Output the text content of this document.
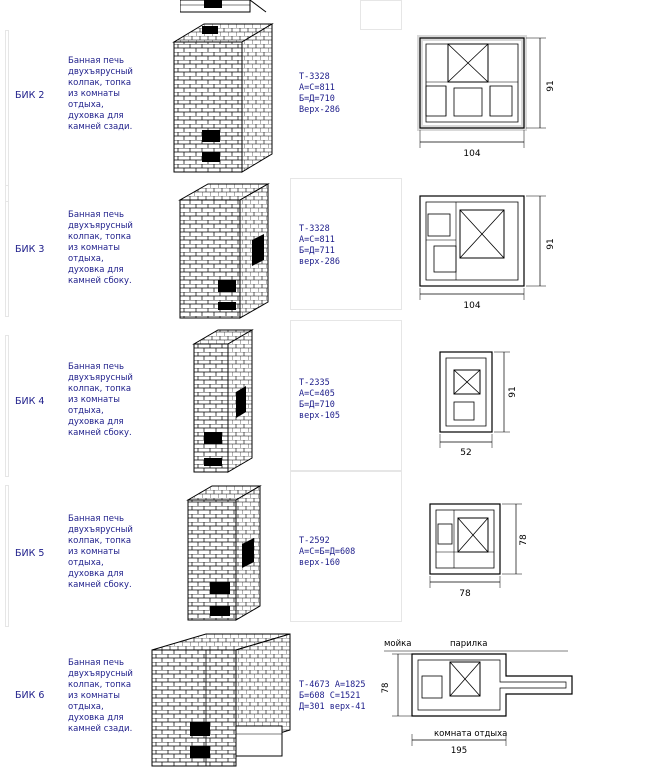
БИК 2
Банная печь
двухъярусный
колпак, топка
из комнаты
отдыха,
духовка для
камней сзади.
Т-3328
А=С=811
Б=Д=710
Верх-286
104
91
БИК 3
Банная печь
двухъярусный
колпак, топка
из комнаты
отдыха,
духовка для
камней сбоку.
Т-3328
А=С=811
Б=Д=711
верх-286
104
91
БИК 4
Банная печь
двухъярусный
колпак, топка
из комнаты
отдыха,
духовка для
камней сбоку.
Т-2335
А=С=405
Б=Д=710
верх-105
52
91
БИК 5
Банная печь
двухъярусный
колпак, топка
из комнаты
отдыха,
духовка для
камней сбоку.
Т-2592
А=С=Б=Д=608
верх-160
78
78
БИК 6
Банная печь
двухъярусный
колпак, топка
из комнаты
отдыха,
духовка для
камней сзади.
Т-4673 А=1825
Б=608 С=1521
Д=301 верх-41
мойка	парилка
78
комната отдыха
195
